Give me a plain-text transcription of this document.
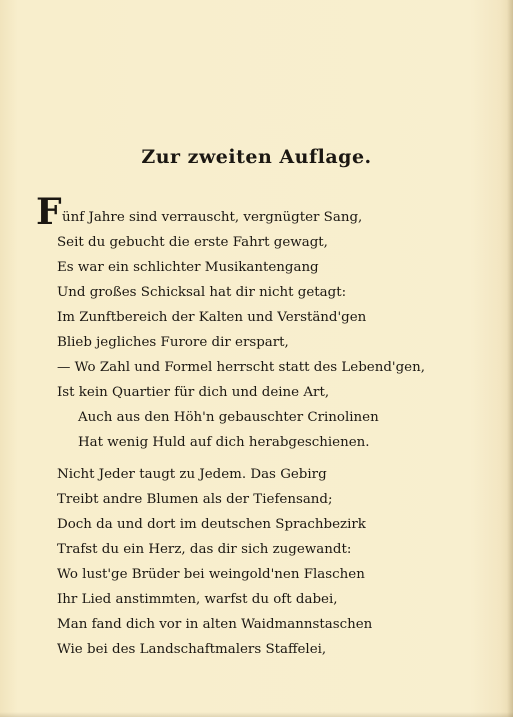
Zur zweiten Auflage.
F ünf Jahre sind verrauscht, vergnügter Sang,
Seit du gebucht die erste Fahrt gewagt,
Es war ein schlichter Musikantengang
Und großes Schicksal hat dir nicht getagt:
Im Zunftbereich der Kalten und Verständ'gen
Blieb jegliches Furore dir erspart,
— Wo Zahl und Formel herrscht statt des Lebend'gen,
Ist kein Quartier für dich und deine Art,
Auch aus den Höh'n gebauschter Crinolinen
Hat wenig Huld auf dich herabgeschienen.
Nicht Jeder taugt zu Jedem. Das Gebirg
Treibt andre Blumen als der Tiefensand;
Doch da und dort im deutschen Sprachbezirk
Trafst du ein Herz, das dir sich zugewandt:
Wo lust'ge Brüder bei weingold'nen Flaschen
Ihr Lied anstimmten, warfst du oft dabei,
Man fand dich vor in alten Waidmannstaschen
Wie bei des Landschaftmalers Staffelei,
